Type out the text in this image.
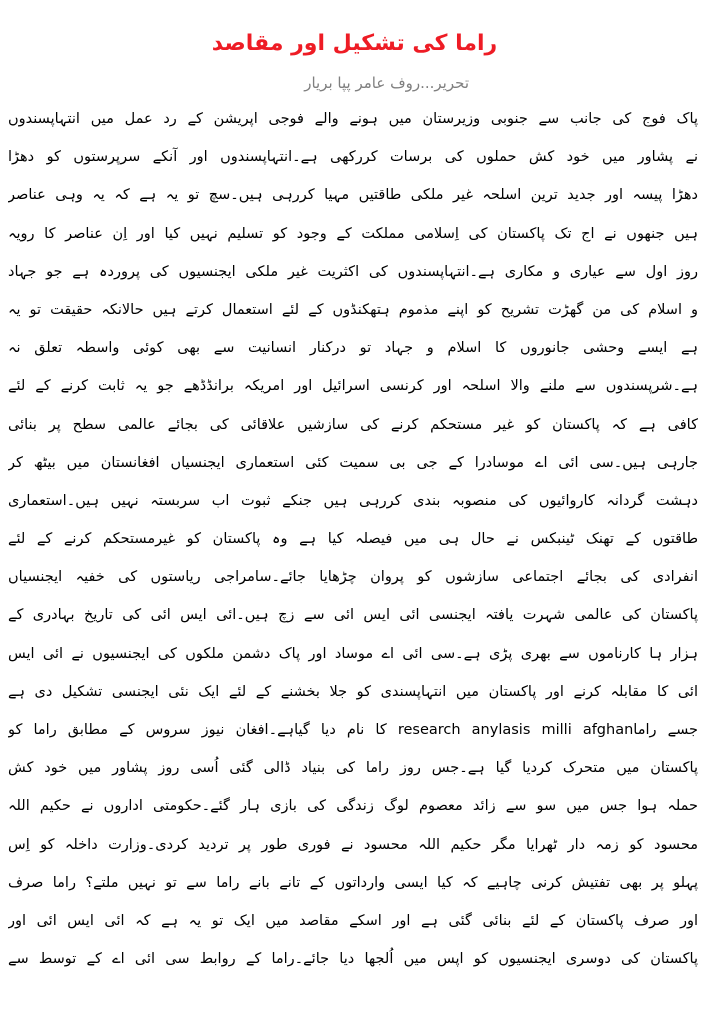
راما کی تشکیل اور مقاصد
تحریر...روف عامر پپا بریار
پاک فوج کی جانب سے جنوبی وزیرستان میں ہونے والے فوجی اپریشن کے رد عمل میں انتہاپسندوں
نے پشاور میں خود کش حملوں کی برسات کررکھی ہے۔انتہاپسندوں اور آنکے سرپرستوں کو دھڑا
دھڑا پیسہ اور جدید ترین اسلحہ غیر ملکی طاقتیں مہیا کررہی ہیں۔سچ تو یہ ہے کہ یہ وہی عناصر
ہیں جنھوں نے اج تک پاکستان کی اِسلامی مملکت کے وجود کو تسلیم نہیں کیا اور اِن عناصر کا رویہ
روز اول سے عیاری و مکاری ہے۔انتہاپسندوں کی اکثریت غیر ملکی ایجنسیوں کی پروردہ ہے جو جہاد
و اسلام کی من گھڑت تشریح کو اپنے مذموم ہتھکنڈوں کے لئے استعمال کرتے ہیں حالانکہ حقیقت تو یہ
ہے ایسے وحشی جانوروں کا اسلام و جہاد تو درکنار انسانیت سے بھی کوئی واسطہ تعلق نہ
ہے۔شرپسندوں سے ملنے والا اسلحہ اور کرنسی اسرائیل اور امریکہ برانڈڈھے جو یہ ثابت کرنے کے لئے
کافی ہے کہ پاکستان کو غیر مستحکم کرنے کی سازشیں علاقائی کی بجائے عالمی سطح پر بنائی
جارہی ہیں۔سی ائی اے موسادرا کے جی بی سمیت کئی استعماری ایجنسیاں افغانستان میں بیٹھ کر
دہشت گردانہ کاروائیوں کی منصوبہ بندی کررہی ہیں جنکے ثبوت اب سربستہ نہیں ہیں۔استعماری
طاقتوں کے تھنک ٹینبکس نے حال ہی میں فیصلہ کیا ہے وہ پاکستان کو غیرمستحکم کرنے کے لئے
انفرادی کی بجائے اجتماعی سازشوں کو پروان چڑھایا جائے۔سامراجی ریاستوں کی خفیہ ایجنسیاں
پاکستان کی عالمی شہرت یافتہ ایجنسی ائی ایس ائی سے زچ ہیں۔ائی ایس ائی کی تاریخ بہادری کے
ہزار ہا کارناموں سے بھری پڑی ہے۔سی ائی اے موساد اور پاک دشمن ملکوں کی ایجنسیوں نے ائی ایس
ائی کا مقابلہ کرنے اور پاکستان میں انتہاپسندی کو جلا بخشنے کے لئے ایک نئی ایجنسی تشکیل دی ہے
جسے راماresearch anylasis milli afghan کا نام دیا گیاہے۔افغان نیوز سروس کے مطابق راما کو
پاکستان میں متحرک کردیا گیا ہے۔جس روز راما کی بنیاد ڈالی گئی اُسی روز پشاور میں خود کش
حملہ ہوا جس میں سو سے زائد معصوم لوگ زندگی کی بازی ہار گئے۔حکومتی اداروں نے حکیم اللہ
محسود کو زمہ دار ٹھرایا مگر حکیم اللہ محسود نے فوری طور پر تردید کردی۔وزارت داخلہ کو اِس
پہلو پر بھی تفتیش کرنی چاہیے کہ کیا ایسی وارداتوں کے تانے بانے راما سے تو نہیں ملتے؟ راما صرف
اور صرف پاکستان کے لئے بنائی گئی ہے اور اسکے مقاصد میں ایک تو یہ ہے کہ ائی ایس ائی اور
پاکستان کی دوسری ایجنسیوں کو اپس میں اُلجھا دیا جائے۔راما کے روابط سی ائی اے کے توسط سے
